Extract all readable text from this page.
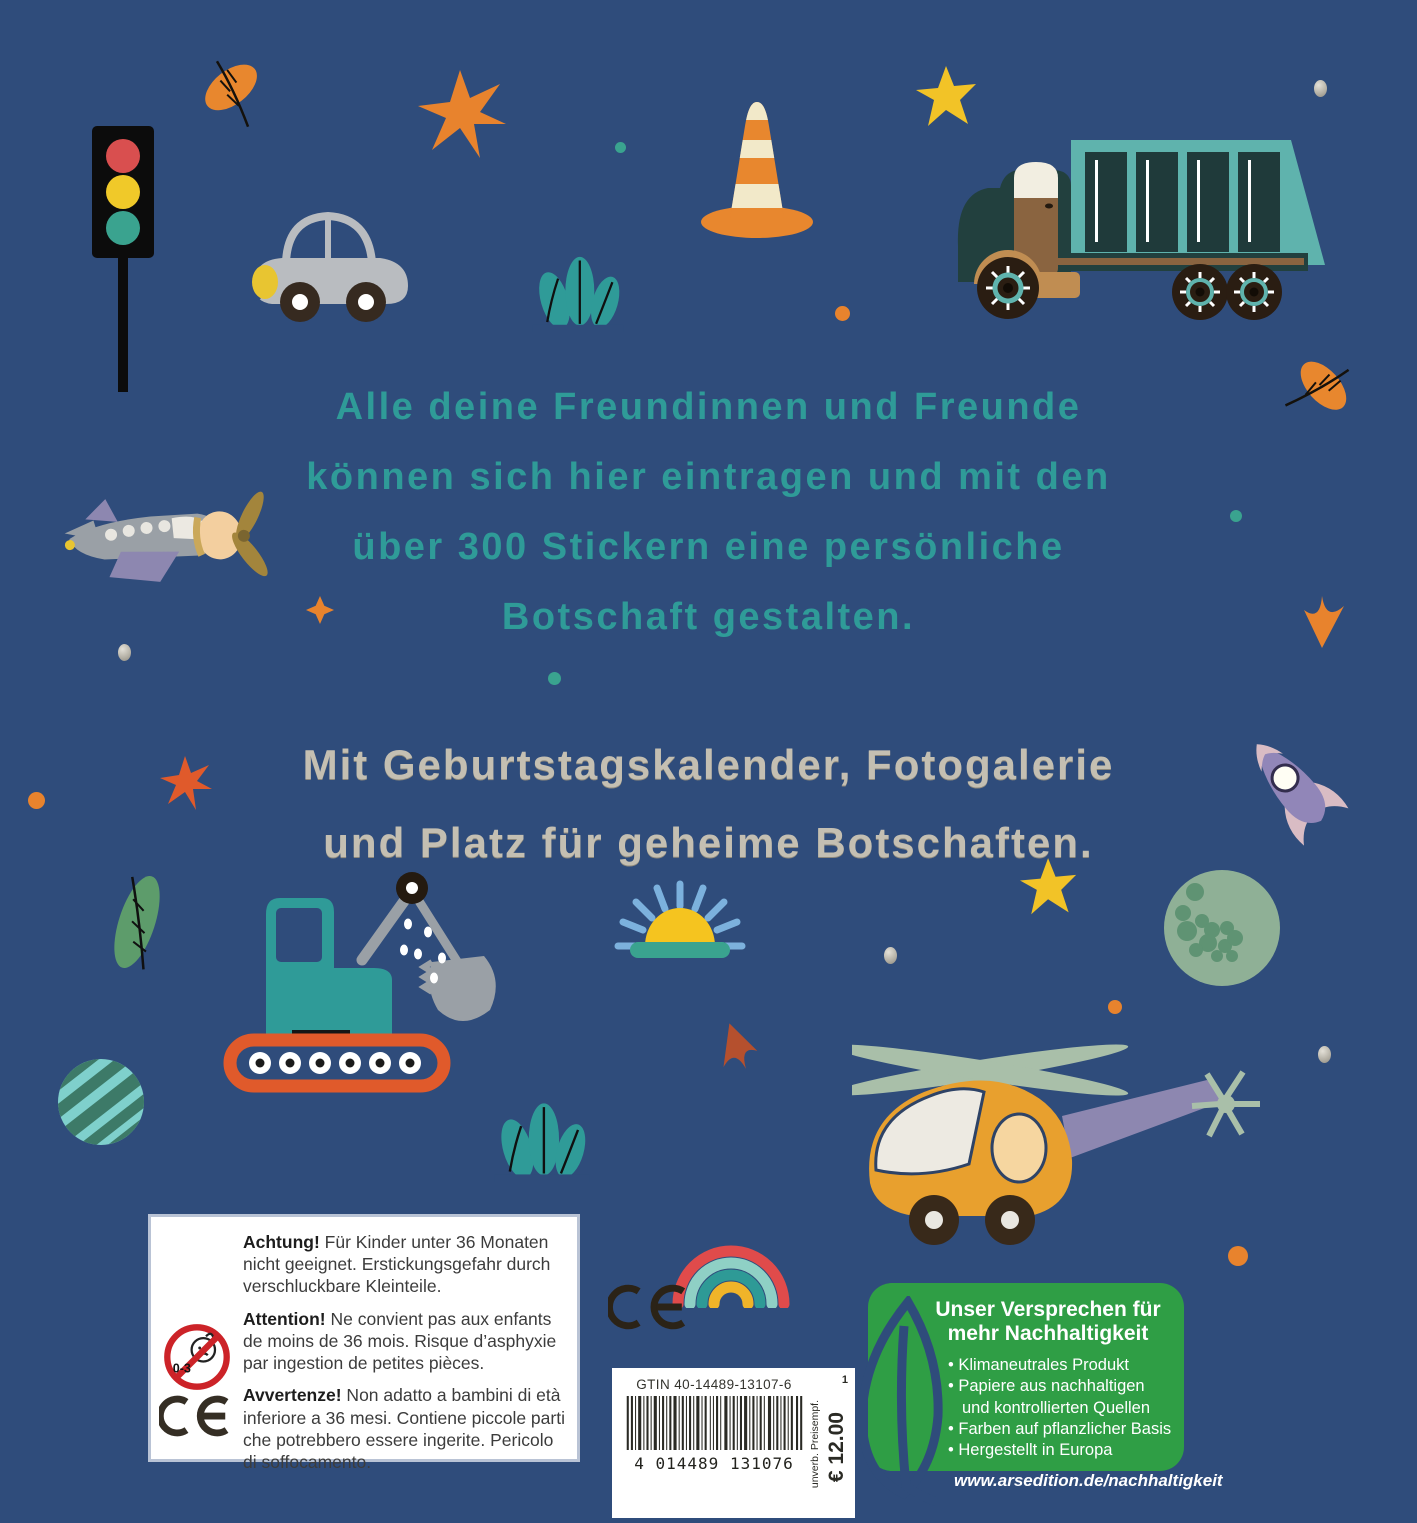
Alle deine Freundinnen und Freunde
können sich hier eintragen und mit den
über 300 Stickern eine persönliche
Botschaft gestalten.
Mit Geburtstagskalender, Fotogalerie
und Platz für geheime Botschaften.
0-3

Achtung! Für Kinder unter 36 Monaten nicht geeignet. Erstickungsgefahr durch verschluckbare Kleinteile.

Attention! Ne convient pas aux enfants de moins de 36 mois. Risque d’asphyxie par ingestion de petites pièces.

Avvertenze! Non adatto a bambini di età inferiore a 36 mesi. Contiene piccole parti che potrebbero essere ingerite. Pericolo di soffocamento.

GTIN 40-14489-13107-6
4 014489 131076	unverb. Preisempf. € 12.00
1
Unser Versprechen für
mehr Nachhaltigkeit
• Klimaneutrales Produkt
• Papiere aus nachhaltigen und kontrollierten Quellen
• Farben auf pflanzlicher Basis
• Hergestellt in Europa
www.arsedition.de/nachhaltigkeit
